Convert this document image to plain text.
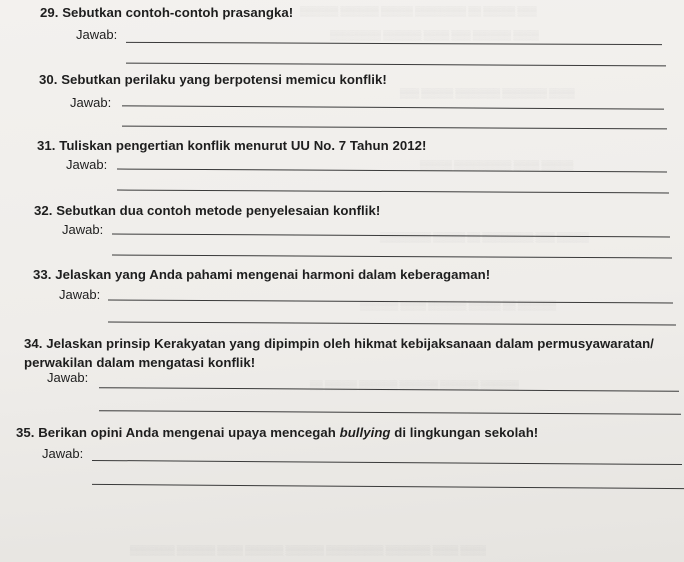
▒▒▒ ▒▒▒▒▒ ▒▒ ▒▒▒▒▒▒▒▒ ▒▒▒▒▒ ▒▒▒▒▒▒ ▒▒▒▒▒▒
▒▒▒▒ ▒▒▒▒▒▒ ▒▒▒ ▒▒▒▒ ▒▒▒▒▒▒ ▒▒▒▒▒▒▒▒
▒▒▒▒ ▒▒▒▒▒▒▒ ▒▒▒▒▒▒▒ ▒▒▒▒▒ ▒▒▒
▒▒▒▒▒ ▒▒▒▒ ▒▒▒▒▒▒▒▒▒ ▒▒▒▒▒
▒▒▒▒▒ ▒▒▒ ▒▒▒▒▒▒▒▒ ▒▒ ▒▒▒▒▒ ▒▒▒▒▒▒▒▒
▒▒▒▒▒▒ ▒▒ ▒▒▒▒▒ ▒▒▒▒▒▒ ▒▒▒▒ ▒▒▒▒▒▒
▒▒▒▒▒▒ ▒▒▒▒▒▒ ▒▒▒▒▒▒ ▒▒▒▒▒▒ ▒▒▒▒▒ ▒▒
▒▒▒▒ ▒▒▒▒ ▒▒▒▒▒▒▒ ▒▒▒▒▒▒▒▒▒ ▒▒▒▒▒▒ ▒▒▒▒▒▒ ▒▒▒▒ ▒▒▒▒▒▒ ▒▒▒▒▒▒▒
29. Sebutkan contoh-contoh prasangka!
Jawab:
30. Sebutkan perilaku yang berpotensi memicu konflik!
Jawab:
31. Tuliskan pengertian konflik menurut UU No. 7 Tahun 2012!
Jawab:
32. Sebutkan dua contoh metode penyelesaian konflik!
Jawab:
33. Jelaskan yang Anda pahami mengenai harmoni dalam keberagaman!
Jawab:
34. Jelaskan prinsip Kerakyatan yang dipimpin oleh hikmat kebijaksanaan dalam permusyawaratan/ perwakilan dalam mengatasi konflik!
Jawab:
35. Berikan opini Anda mengenai upaya mencegah bullying di lingkungan sekolah!
Jawab:
